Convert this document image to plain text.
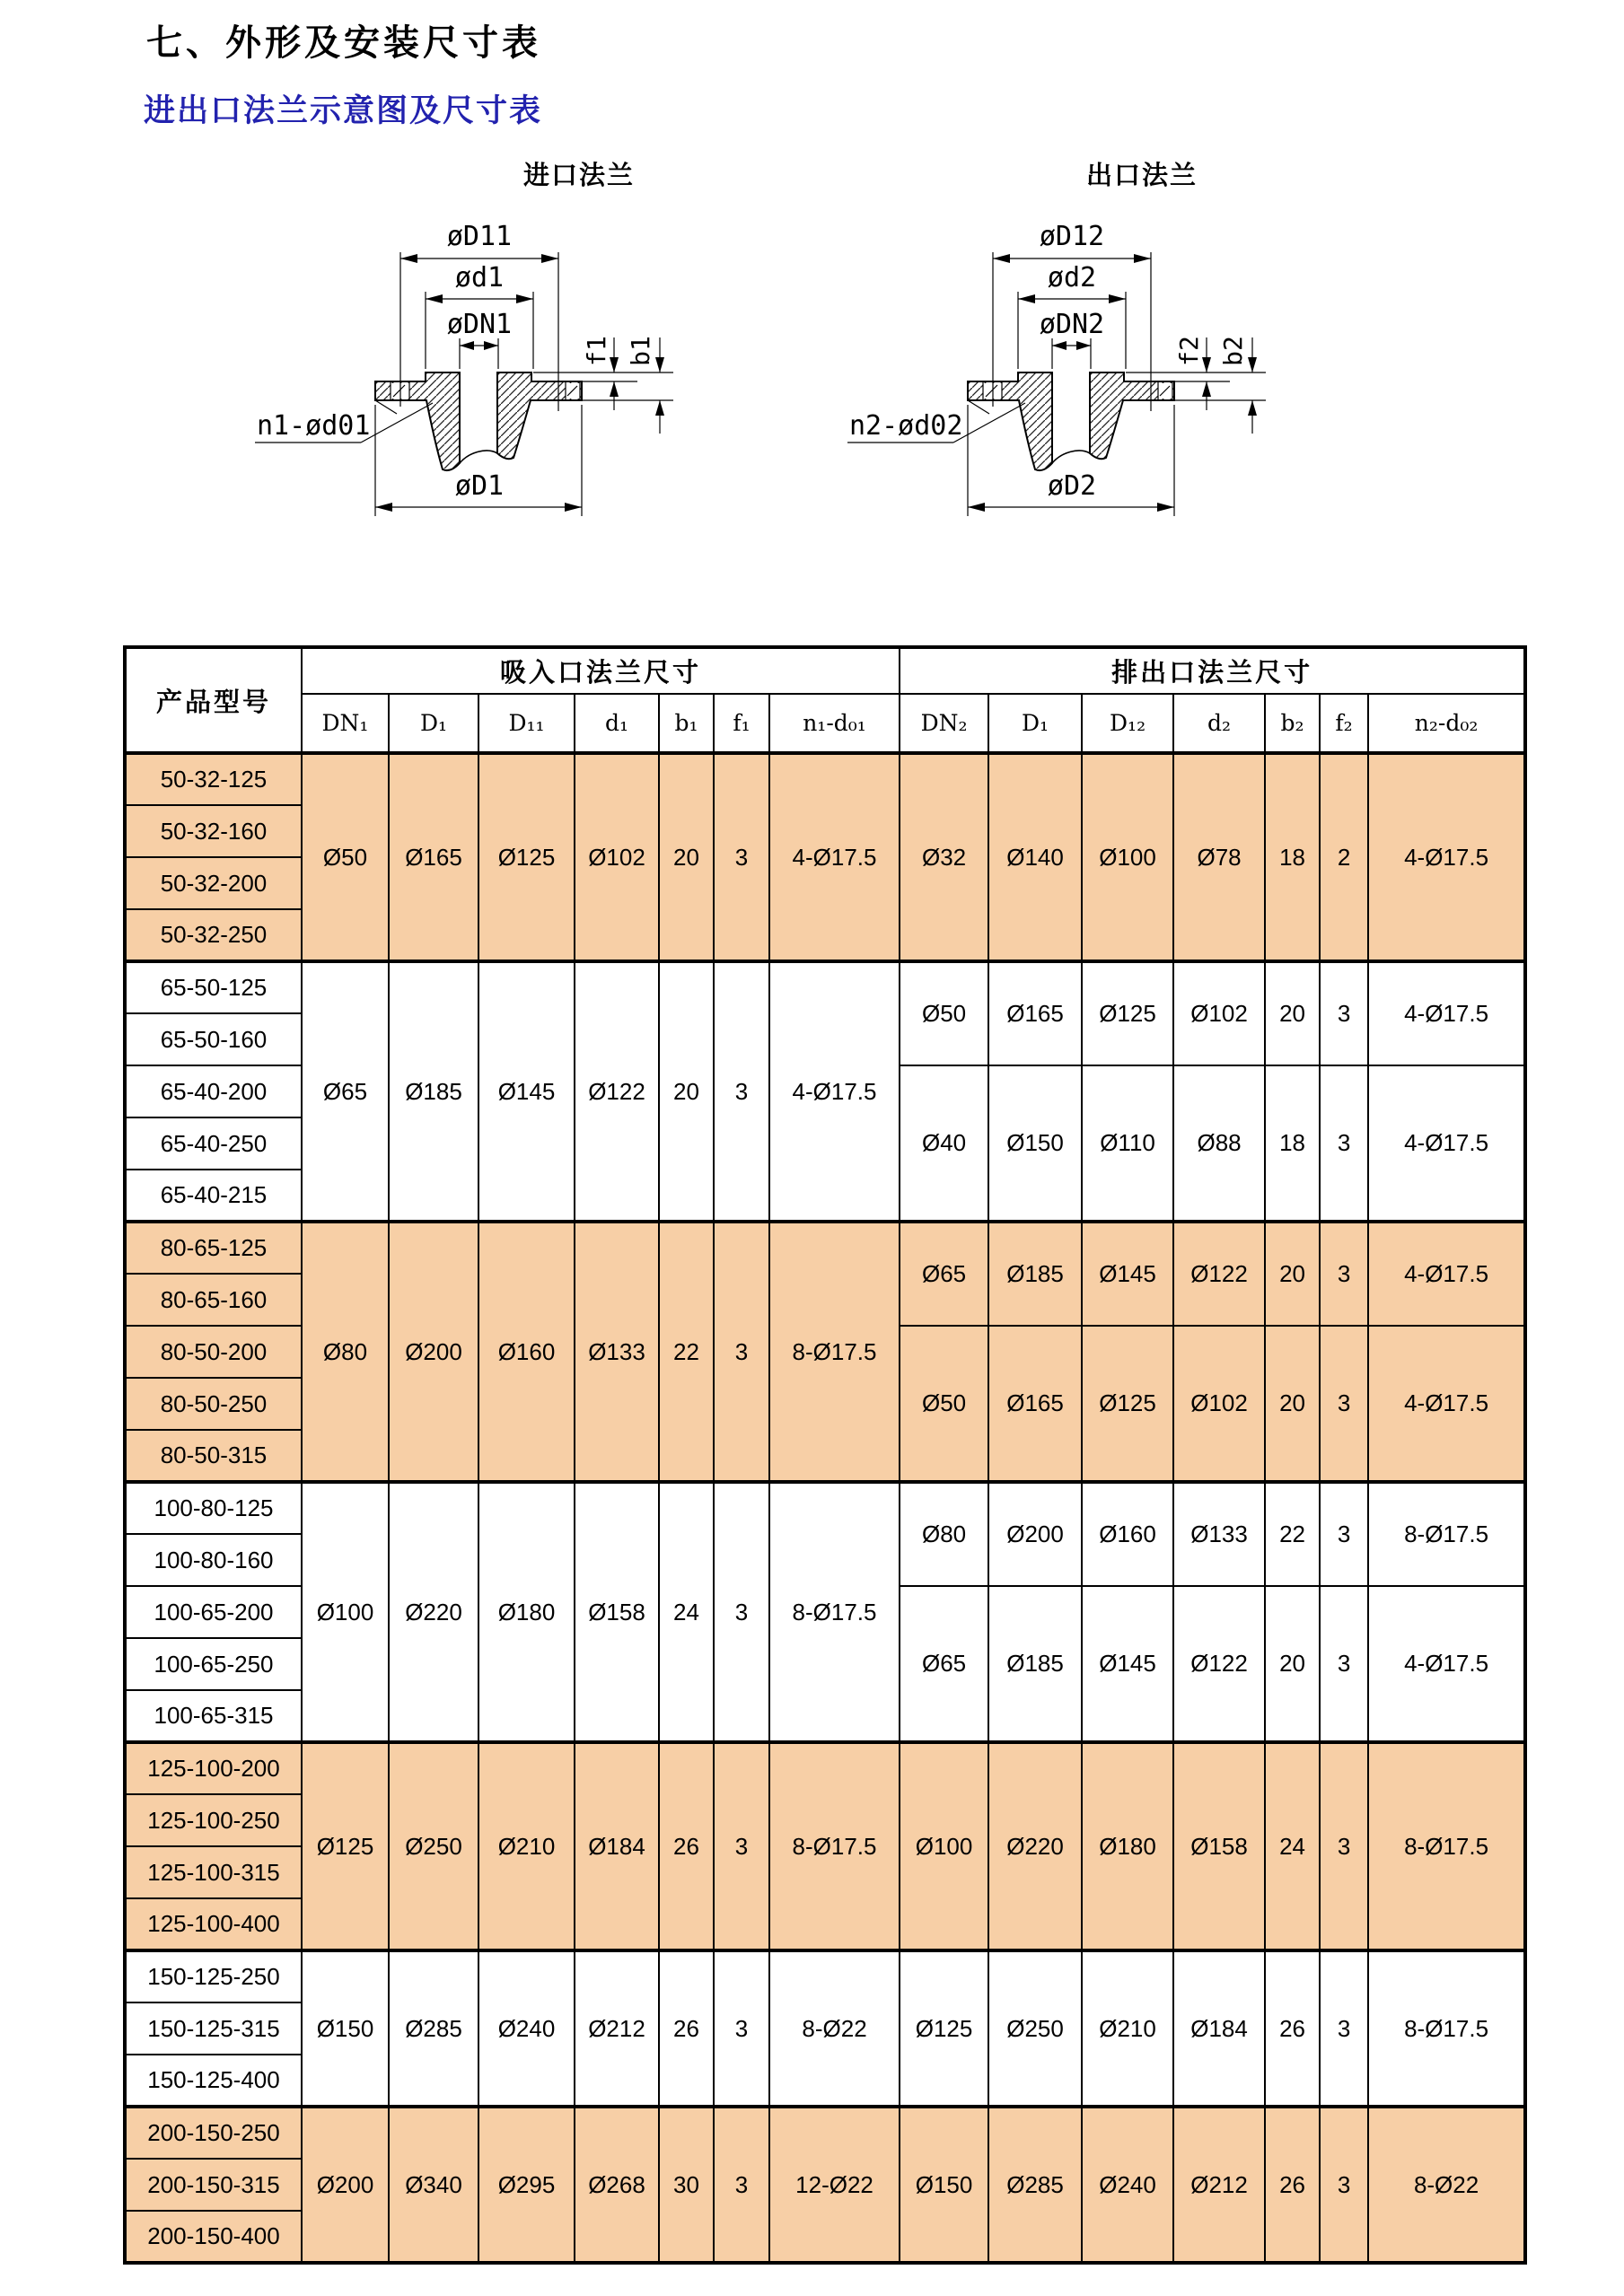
七、外形及安装尺寸表
进出口法兰示意图及尺寸表
进口法兰
øD11
ød1
øDN1
f1 b1
n1-ød01
øD1
出口法兰
øD12
ød2
øDN2
f2 b2
n2-ød02
øD2
产品型号	吸入口法兰尺寸							排出口法兰尺寸						
	DN₁	D₁	D₁₁	d₁	b₁	f₁	n₁-d₀₁	DN₂	D₁	D₁₂	d₂	b₂	f₂	n₂-d₀₂
50-32-125	Ø50	Ø165	Ø125	Ø102	20	3	4-Ø17.5	Ø32	Ø140	Ø100	Ø78	18	2	4-Ø17.5
50-32-160														
50-32-200														
50-32-250														
65-50-125	Ø65	Ø185	Ø145	Ø122	20	3	4-Ø17.5	Ø50	Ø165	Ø125	Ø102	20	3	4-Ø17.5
65-50-160														
65-40-200								Ø40	Ø150	Ø110	Ø88	18	3	4-Ø17.5
65-40-250														
65-40-215														
80-65-125	Ø80	Ø200	Ø160	Ø133	22	3	8-Ø17.5	Ø65	Ø185	Ø145	Ø122	20	3	4-Ø17.5
80-65-160														
80-50-200								Ø50	Ø165	Ø125	Ø102	20	3	4-Ø17.5
80-50-250														
80-50-315														
100-80-125	Ø100	Ø220	Ø180	Ø158	24	3	8-Ø17.5	Ø80	Ø200	Ø160	Ø133	22	3	8-Ø17.5
100-80-160														
100-65-200								Ø65	Ø185	Ø145	Ø122	20	3	4-Ø17.5
100-65-250														
100-65-315														
125-100-200	Ø125	Ø250	Ø210	Ø184	26	3	8-Ø17.5	Ø100	Ø220	Ø180	Ø158	24	3	8-Ø17.5
125-100-250														
125-100-315														
125-100-400														
150-125-250	Ø150	Ø285	Ø240	Ø212	26	3	8-Ø22	Ø125	Ø250	Ø210	Ø184	26	3	8-Ø17.5
150-125-315														
150-125-400														
200-150-250	Ø200	Ø340	Ø295	Ø268	30	3	12-Ø22	Ø150	Ø285	Ø240	Ø212	26	3	8-Ø22
200-150-315														
200-150-400														
